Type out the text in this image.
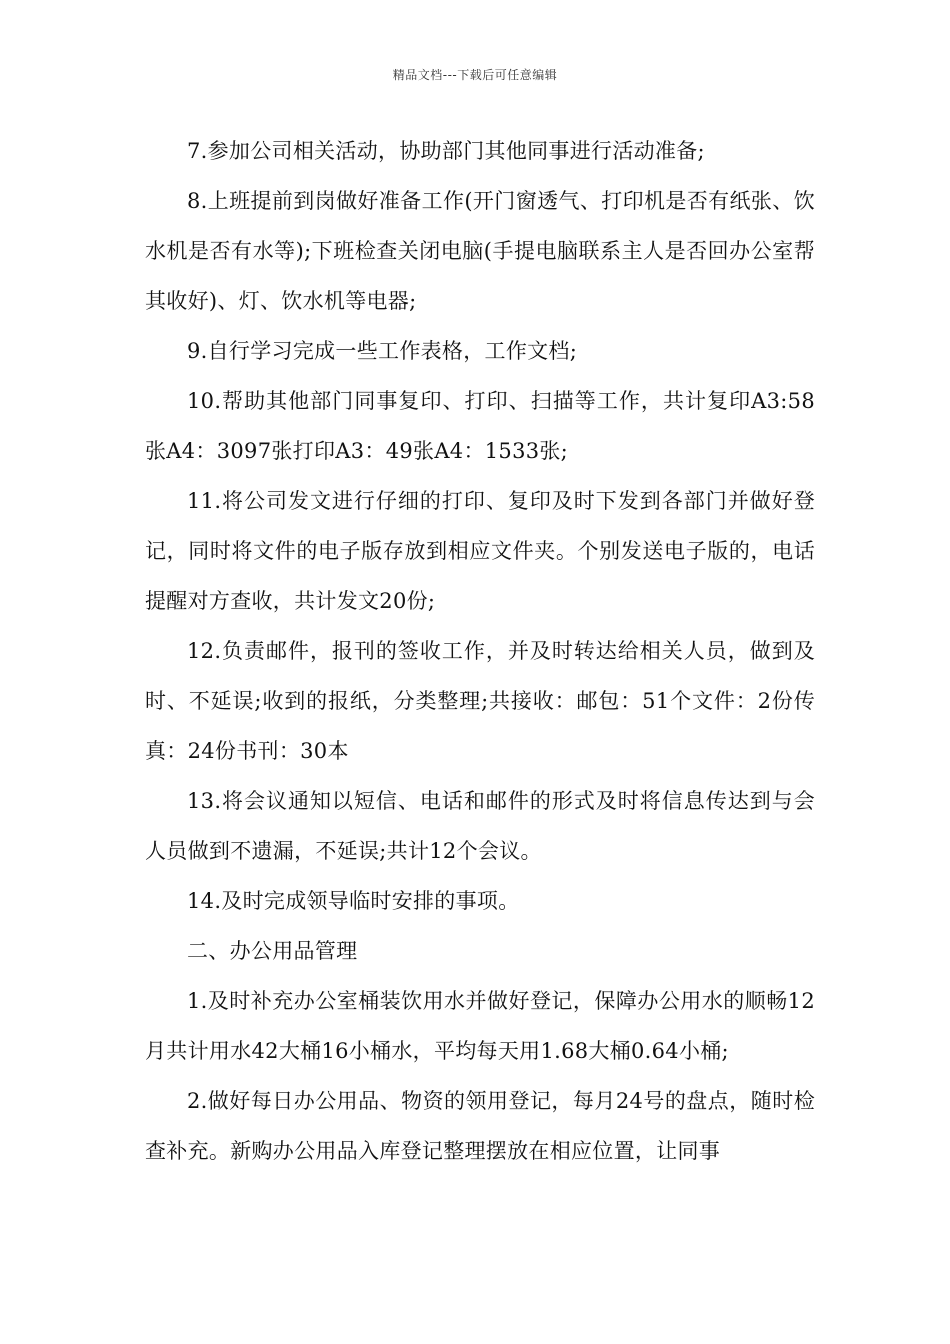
精品文档---下载后可任意编辑

7.参加公司相关活动，协助部门其他同事进行活动准备;

8.上班提前到岗做好准备工作(开门窗透气、打印机是否有纸张、饮水机是否有水等);下班检查关闭电脑(手提电脑联系主人是否回办公室帮其收好)、灯、饮水机等电器;

9.自行学习完成一些工作表格，工作文档;

10.帮助其他部门同事复印、打印、扫描等工作，共计复印A3:58张A4：3097张打印A3：49张A4：1533张;

11.将公司发文进行仔细的打印、复印及时下发到各部门并做好登记，同时将文件的电子版存放到相应文件夹。个别发送电子版的，电话提醒对方查收，共计发文20份;

12.负责邮件，报刊的签收工作，并及时转达给相关人员，做到及时、不延误;收到的报纸，分类整理;共接收：邮包：51个文件：2份传真：24份书刊：30本

13.将会议通知以短信、电话和邮件的形式及时将信息传达到与会人员做到不遗漏，不延误;共计12个会议。

14.及时完成领导临时安排的事项。

二、办公用品管理

1.及时补充办公室桶装饮用水并做好登记，保障办公用水的顺畅12月共计用水42大桶16小桶水，平均每天用1.68大桶0.64小桶;

2.做好每日办公用品、物资的领用登记，每月24号的盘点，随时检查补充。新购办公用品入库登记整理摆放在相应位置，让同事
